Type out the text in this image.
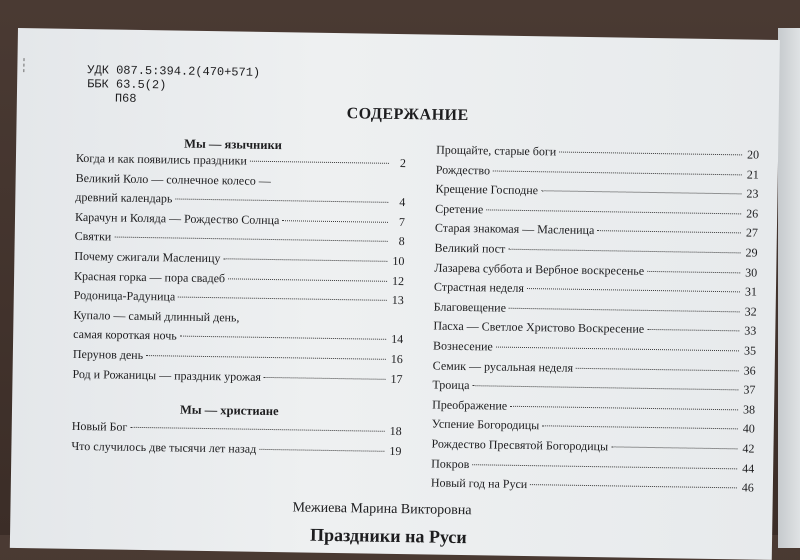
УДК 087.5:394.2(470+571)
ББК 63.5(2)
П68
СОДЕРЖАНИЕ
Мы — язычники
Когда и как появились праздники	2
Великий Коло — солнечное колесо —
древний календарь	4
Карачун и Коляда — Рождество Солнца	7
Святки	8
Почему сжигали Масленицу	10
Красная горка — пора свадеб	12
Родоница-Радуница	13
Купало — самый длинный день,
самая короткая ночь	14
Перунов день	16
Род и Рожаницы — праздник урожая	17
Мы — христиане
Новый Бог	18
Что случилось две тысячи лет назад	19
Прощайте, старые боги	20
Рождество	21
Крещение Господне	23
Сретение	26
Старая знакомая — Масленица	27
Великий пост	29
Лазарева суббота и Вербное воскресенье	30
Страстная неделя	31
Благовещение	32
Пасха — Светлое Христово Воскресение	33
Вознесение	35
Семик — русальная неделя	36
Троица	37
Преображение	38
Успение Богородицы	40
Рождество Пресвятой Богородицы	42
Покров	44
Новый год на Руси	46
Межиева Марина Викторовна
Праздники на Руси
